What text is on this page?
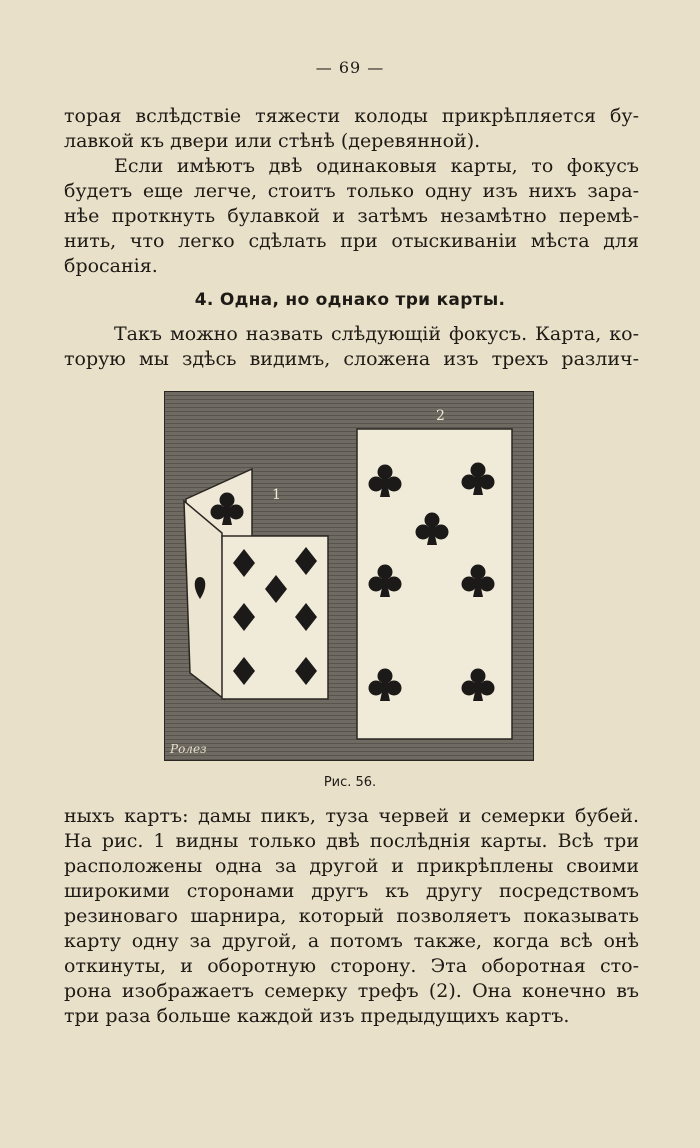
— 69 —
торая вслѣдствіе тяжести колоды прикрѣпляется бу-
лавкой къ двери или стѣнѣ (деревянной).
Если имѣютъ двѣ одинаковыя карты, то фокусъ
будетъ еще легче, стоитъ только одну изъ нихъ зара-
нѣе проткнуть булавкой и затѣмъ незамѣтно перемѣ-
нить, что легко сдѣлать при отыскиваніи мѣста для
бросанія.
4. Одна, но однако три карты.
Такъ можно назвать слѣдующій фокусъ. Карта, ко-
торую мы здѣсь видимъ, сложена изъ трехъ различ-
2
1
Ролез
Рис. 56.
ныхъ картъ: дамы пикъ, туза червей и семерки бубей.
На рис. 1 видны только двѣ послѣднія карты. Всѣ три
расположены одна за другой и прикрѣплены своими
широкими сторонами другъ къ другу посредствомъ
резиноваго шарнира, который позволяетъ показывать
карту одну за другой, а потомъ также, когда всѣ онѣ
откинуты, и оборотную сторону. Эта оборотная сто-
рона изображаетъ семерку трефъ (2). Она конечно въ
три раза больше каждой изъ предыдущихъ картъ.
